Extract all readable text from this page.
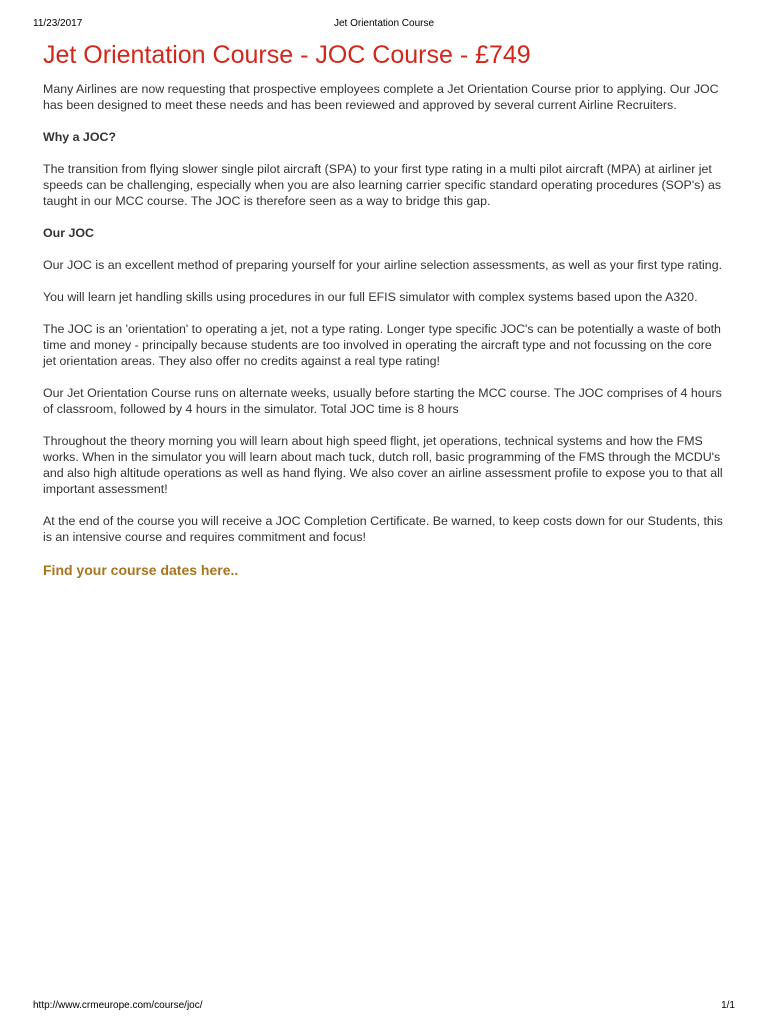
11/23/2017	Jet Orientation Course
Jet Orientation Course - JOC Course - £749

Many Airlines are now requesting that prospective employees complete a Jet Orientation Course prior to applying. Our JOC has been designed to meet these needs and has been reviewed and approved by several current Airline Recruiters.

Why a JOC?

The transition from flying slower single pilot aircraft (SPA) to your first type rating in a multi pilot aircraft (MPA) at airliner jet speeds can be challenging, especially when you are also learning carrier specific standard operating procedures (SOP's) as taught in our MCC course. The JOC is therefore seen as a way to bridge this gap.

Our JOC

Our JOC is an excellent method of preparing yourself for your airline selection assessments, as well as your first type rating.

You will learn jet handling skills using procedures in our full EFIS simulator with complex systems based upon the A320.

The JOC is an 'orientation' to operating a jet, not a type rating. Longer type specific JOC's can be potentially a waste of both time and money - principally because students are too involved in operating the aircraft type and not focussing on the core jet orientation areas. They also offer no credits against a real type rating!

Our Jet Orientation Course runs on alternate weeks, usually before starting the MCC course. The JOC comprises of 4 hours of classroom, followed by 4 hours in the simulator. Total JOC time is 8 hours

Throughout the theory morning you will learn about high speed flight, jet operations, technical systems and how the FMS works. When in the simulator you will learn about mach tuck, dutch roll, basic programming of the FMS through the MCDU's and also high altitude operations as well as hand flying. We also cover an airline assessment profile to expose you to that all important assessment!

At the end of the course you will receive a JOC Completion Certificate. Be warned, to keep costs down for our Students, this is an intensive course and requires commitment and focus!

Find your course dates here..
http://www.crmeurope.com/course/joc/	1/1
